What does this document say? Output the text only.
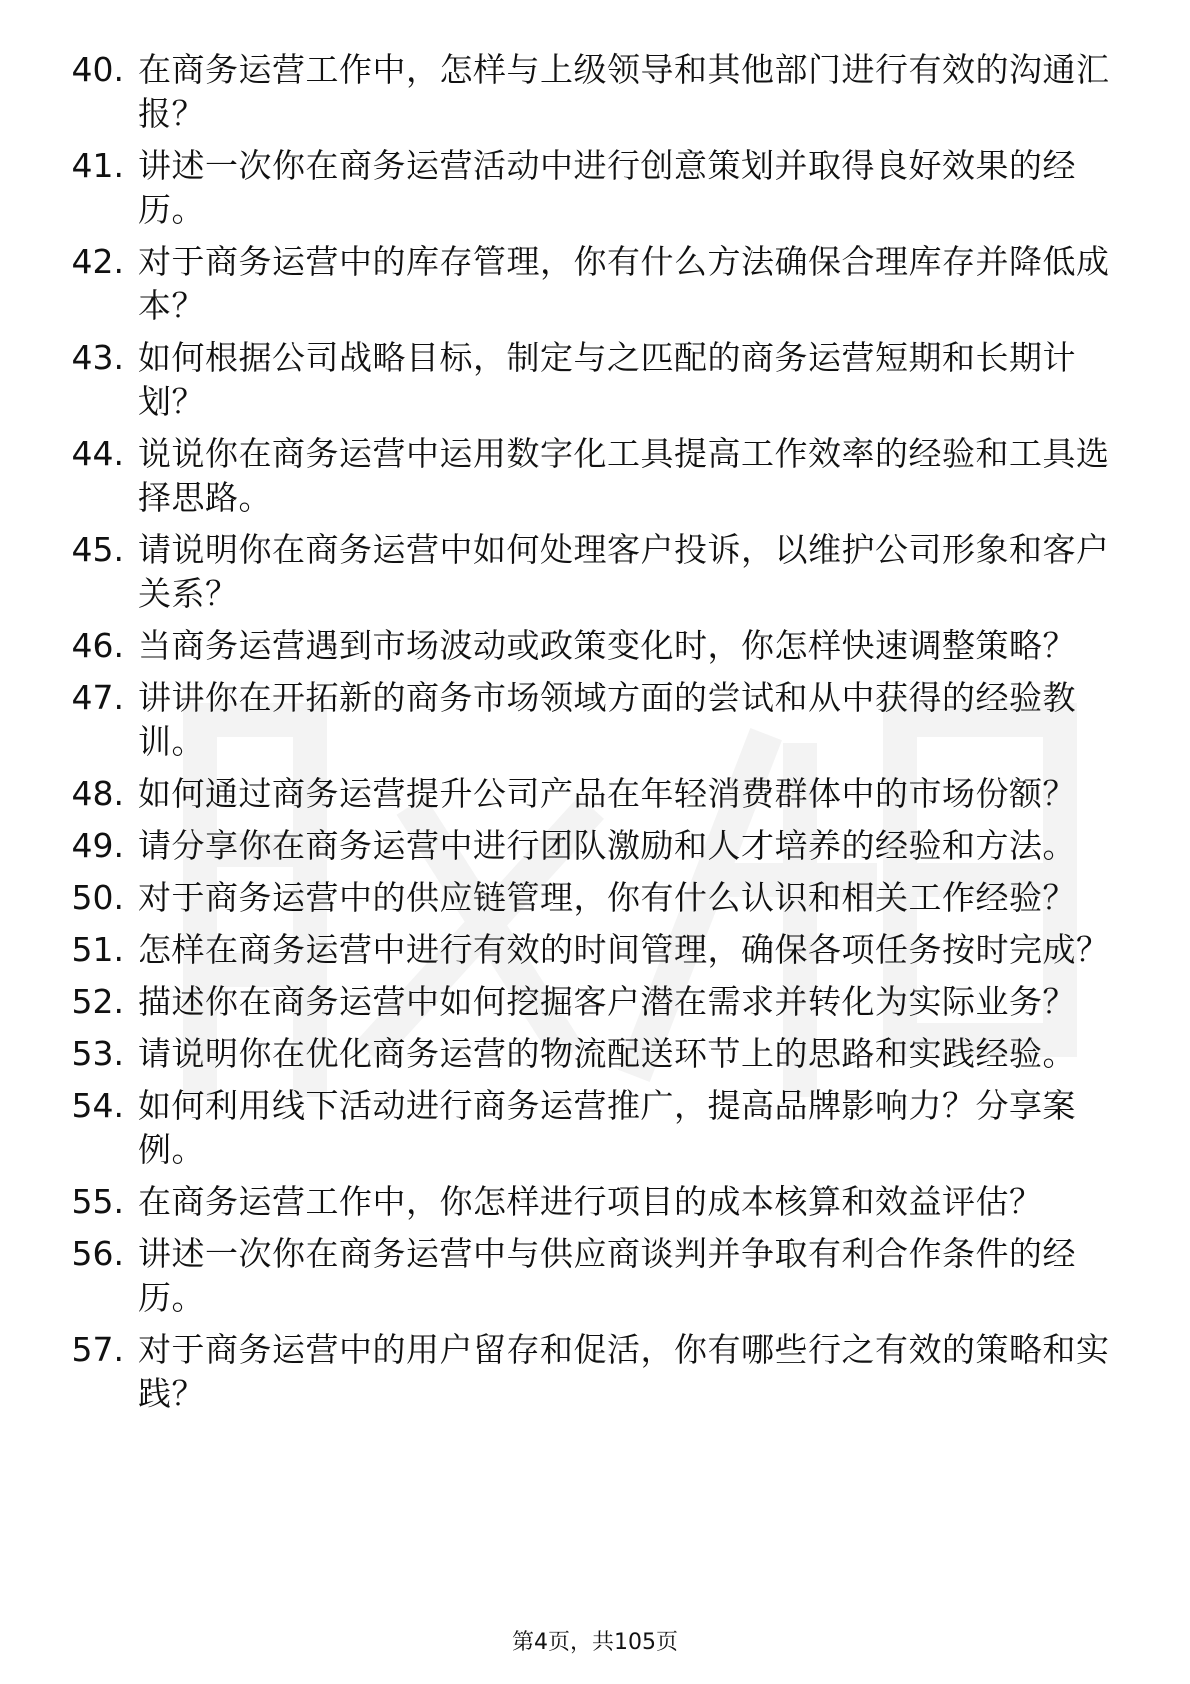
40. 在商务运营工作中，怎样与上级领导和其他部门进行有效的沟通汇报？
41. 讲述一次你在商务运营活动中进行创意策划并取得良好效果的经历。
42. 对于商务运营中的库存管理，你有什么方法确保合理库存并降低成本？
43. 如何根据公司战略目标，制定与之匹配的商务运营短期和长期计划？
44. 说说你在商务运营中运用数字化工具提高工作效率的经验和工具选择思路。
45. 请说明你在商务运营中如何处理客户投诉，以维护公司形象和客户关系？
46. 当商务运营遇到市场波动或政策变化时，你怎样快速调整策略？
47. 讲讲你在开拓新的商务市场领域方面的尝试和从中获得的经验教训。
48. 如何通过商务运营提升公司产品在年轻消费群体中的市场份额？
49. 请分享你在商务运营中进行团队激励和人才培养的经验和方法。
50. 对于商务运营中的供应链管理，你有什么认识和相关工作经验？
51. 怎样在商务运营中进行有效的时间管理，确保各项任务按时完成？
52. 描述你在商务运营中如何挖掘客户潜在需求并转化为实际业务？
53. 请说明你在优化商务运营的物流配送环节上的思路和实践经验。
54. 如何利用线下活动进行商务运营推广，提高品牌影响力？分享案例。
55. 在商务运营工作中，你怎样进行项目的成本核算和效益评估？
56. 讲述一次你在商务运营中与供应商谈判并争取有利合作条件的经历。
57. 对于商务运营中的用户留存和促活，你有哪些行之有效的策略和实践？
第4页，共105页
